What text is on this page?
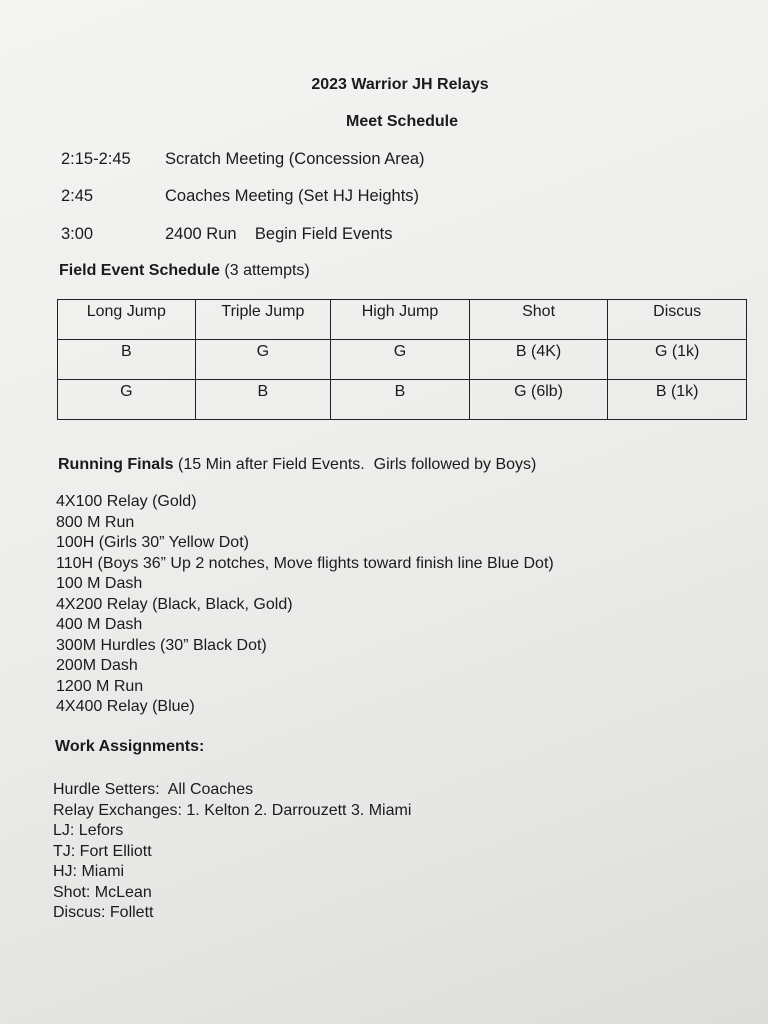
2023 Warrior JH Relays
Meet Schedule
2:15-2:45 Scratch Meeting (Concession Area)
2:45	Coaches Meeting (Set HJ Heights)
3:00	2400 Run    Begin Field Events
Field Event Schedule (3 attempts)
Long Jump	Triple Jump	High Jump	Shot	Discus
B	G	G	B (4K)	G (1k)
G	B	B	G (6lb)	B (1k)
Running Finals (15 Min after Field Events.  Girls followed by Boys)
4X100 Relay (Gold)
800 M Run
100H (Girls 30” Yellow Dot)
110H (Boys 36” Up 2 notches, Move flights toward finish line Blue Dot)
100 M Dash
4X200 Relay (Black, Black, Gold)
400 M Dash
300M Hurdles (30” Black Dot)
200M Dash
1200 M Run
4X400 Relay (Blue)
Work Assignments:
Hurdle Setters:  All Coaches
Relay Exchanges: 1. Kelton 2. Darrouzett 3. Miami
LJ: Lefors
TJ: Fort Elliott
HJ: Miami
Shot: McLean
Discus: Follett
